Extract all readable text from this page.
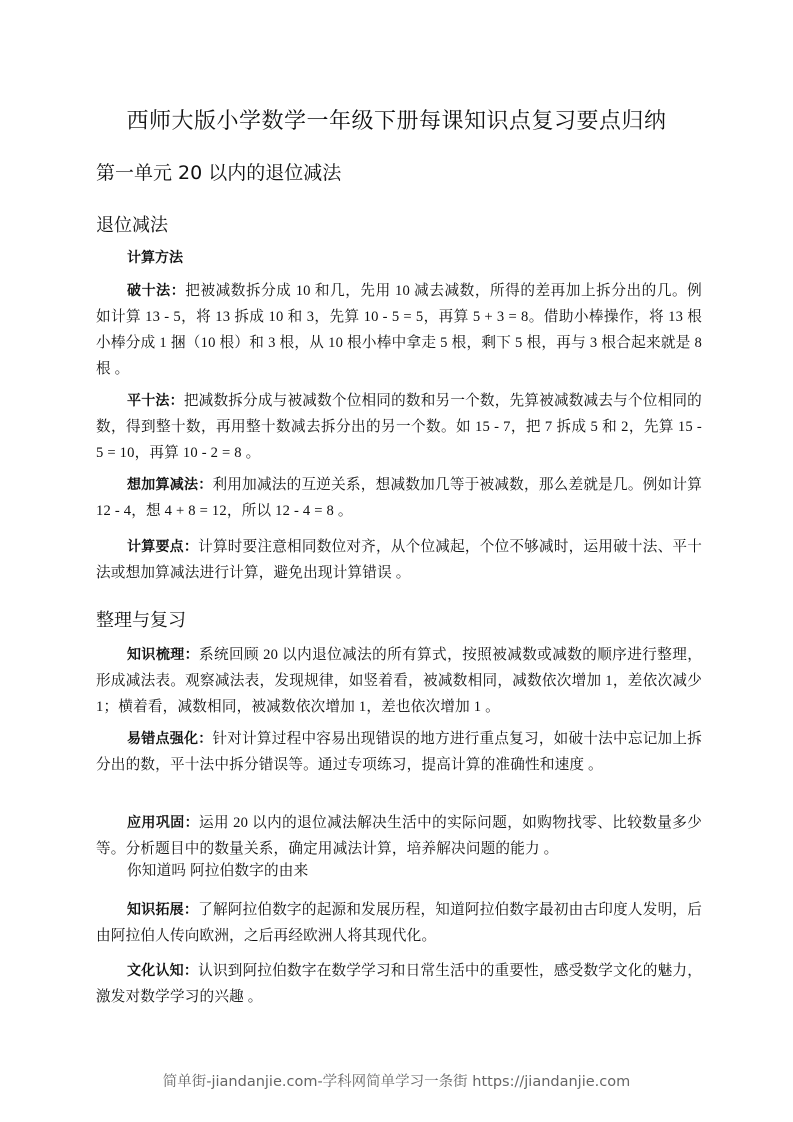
西师大版小学数学一年级下册每课知识点复习要点归纳
第一单元 20 以内的退位减法
退位减法
计算方法

破十法：把被减数拆分成 10 和几，先用 10 减去减数，所得的差再加上拆分出的几。例如计算 13 - 5，将 13 拆成 10 和 3，先算 10 - 5 = 5，再算 5 + 3 = 8。借助小棒操作，将 13 根小棒分成 1 捆（10 根）和 3 根，从 10 根小棒中拿走 5 根，剩下 5 根，再与 3 根合起来就是 8 根 。

平十法：把减数拆分成与被减数个位相同的数和另一个数，先算被减数减去与个位相同的数，得到整十数，再用整十数减去拆分出的另一个数。如 15 - 7，把 7 拆成 5 和 2，先算 15 - 5 = 10，再算 10 - 2 = 8 。

想加算减法：利用加减法的互逆关系，想减数加几等于被减数，那么差就是几。例如计算 12 - 4，想 4 + 8 = 12，所以 12 - 4 = 8 。

计算要点：计算时要注意相同数位对齐，从个位减起，个位不够减时，运用破十法、平十法或想加算减法进行计算，避免出现计算错误 。

整理与复习

知识梳理：系统回顾 20 以内退位减法的所有算式，按照被减数或减数的顺序进行整理，形成减法表。观察减法表，发现规律，如竖着看，被减数相同，减数依次增加 1，差依次减少 1；横着看，减数相同，被减数依次增加 1，差也依次增加 1 。

易错点强化：针对计算过程中容易出现错误的地方进行重点复习，如破十法中忘记加上拆分出的数，平十法中拆分错误等。通过专项练习，提高计算的准确性和速度 。

应用巩固：运用 20 以内的退位减法解决生活中的实际问题，如购物找零、比较数量多少等。分析题目中的数量关系，确定用减法计算，培养解决问题的能力 。

你知道吗 阿拉伯数字的由来

知识拓展：了解阿拉伯数字的起源和发展历程，知道阿拉伯数字最初由古印度人发明，后由阿拉伯人传向欧洲，之后再经欧洲人将其现代化。

文化认知：认识到阿拉伯数字在数学学习和日常生活中的重要性，感受数学文化的魅力，激发对数学学习的兴趣 。

简单街-jiandanjie.com-学科网简单学习一条街 https://jiandanjie.com
